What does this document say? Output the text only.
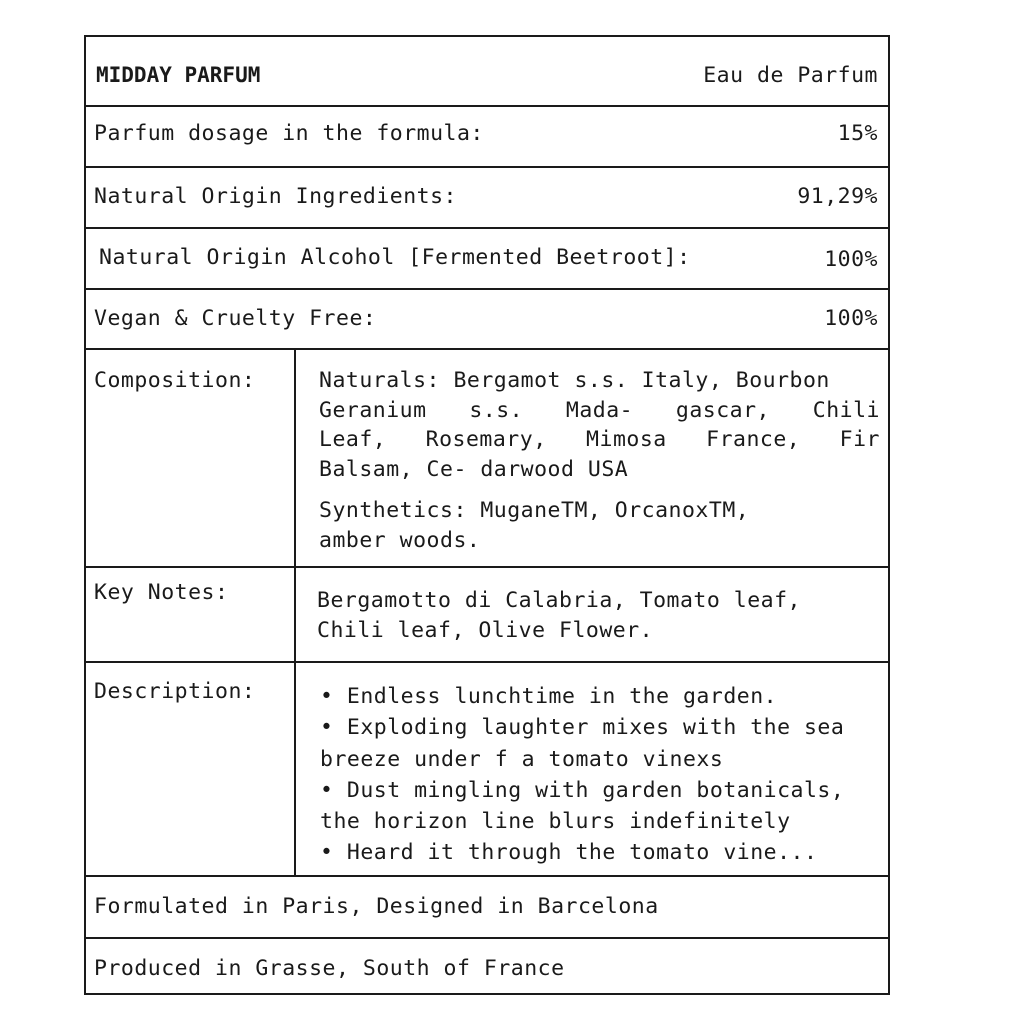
MIDDAY PARFUM	Eau de Parfum
Parfum dosage in the formula:	15%
Natural Origin Ingredients:	91,29%
Natural Origin Alcohol [Fermented Beetroot]:	100%
Vegan & Cruelty Free:	100%
Composition:	Naturals: Bergamot s.s. Italy, Bourbon
Geranium s.s. Mada- gascar, Chili
Leaf, Rosemary, Mimosa France, Fir
Balsam, Ce- darwood USA
Synthetics: MuganeTM, OrcanoxTM,
amber woods.
Key Notes:	Bergamotto di Calabria, Tomato leaf,
Chili leaf, Olive Flower.
Description:	• Endless lunchtime in the garden.
• Exploding laughter mixes with the sea
breeze under f a tomato vinexs
• Dust mingling with garden botanicals,
the horizon line blurs indefinitely
• Heard it through the tomato vine...
Formulated in Paris, Designed in Barcelona
Produced in Grasse, South of France
